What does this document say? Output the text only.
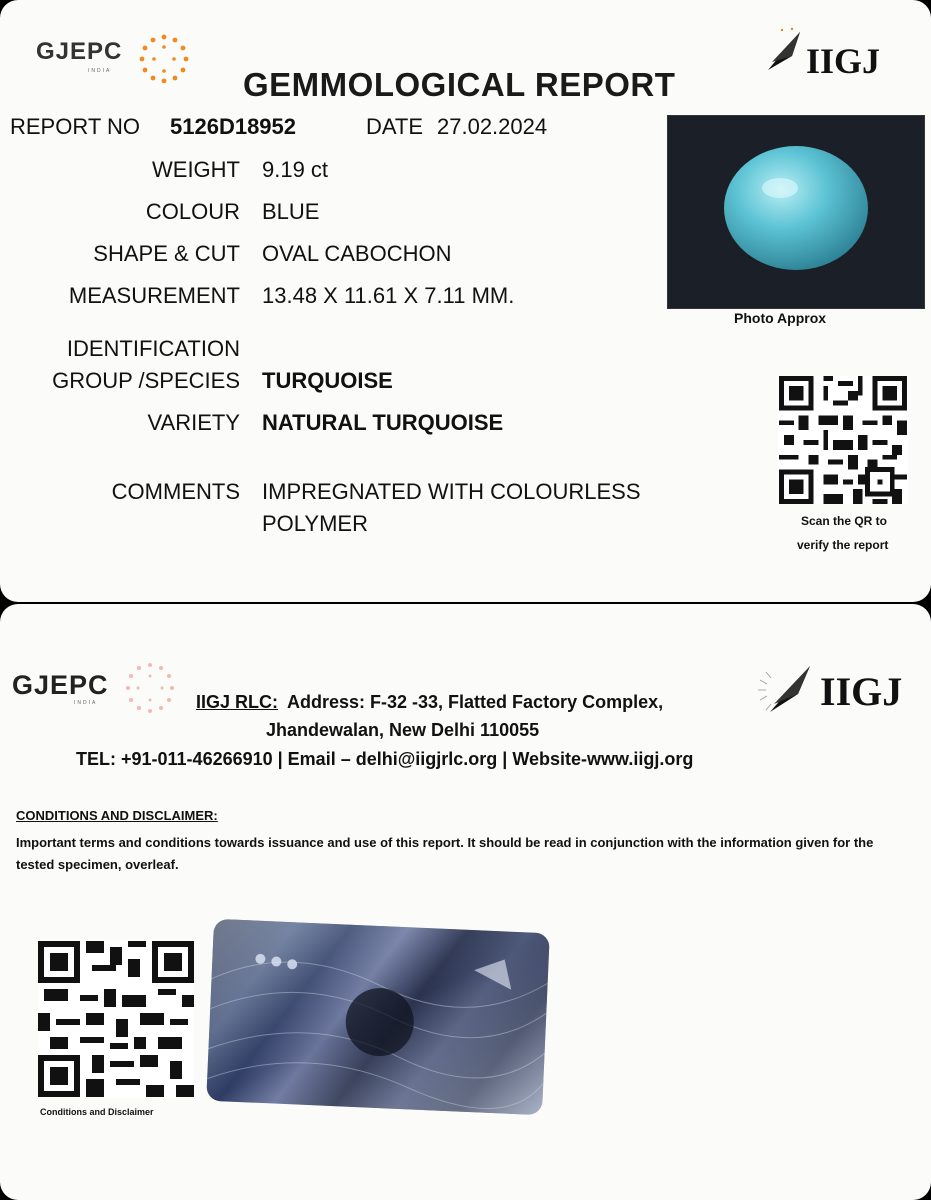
GJEPC
INDIA	IIGJ
GEMMOLOGICAL REPORT
REPORT NO 5126D18952	DATE 27.02.2024
WEIGHT 9.19 ct
COLOUR BLUE
SHAPE & CUT OVAL CABOCHON
MEASUREMENT 13.48 X 11.61 X 7.11 MM.
IDENTIFICATION
GROUP /SPECIES TURQUOISE
VARIETY NATURAL TURQUOISE
COMMENTS IMPREGNATED WITH COLOURLESS
POLYMER
Photo Approx
Scan the QR to
verify the report
GJEPC
INDIA	IIGJ
IIGJ RLC: Address: F-32 -33, Flatted Factory Complex,
Jhandewalan, New Delhi 110055
TEL: +91-011-46266910 | Email – delhi@iigjrlc.org | Website-www.iigj.org
CONDITIONS AND DISCLAIMER:
Important terms and conditions towards issuance and use of this report. It should be read in conjunction with the information given for the tested specimen, overleaf.
Conditions and Disclaimer
